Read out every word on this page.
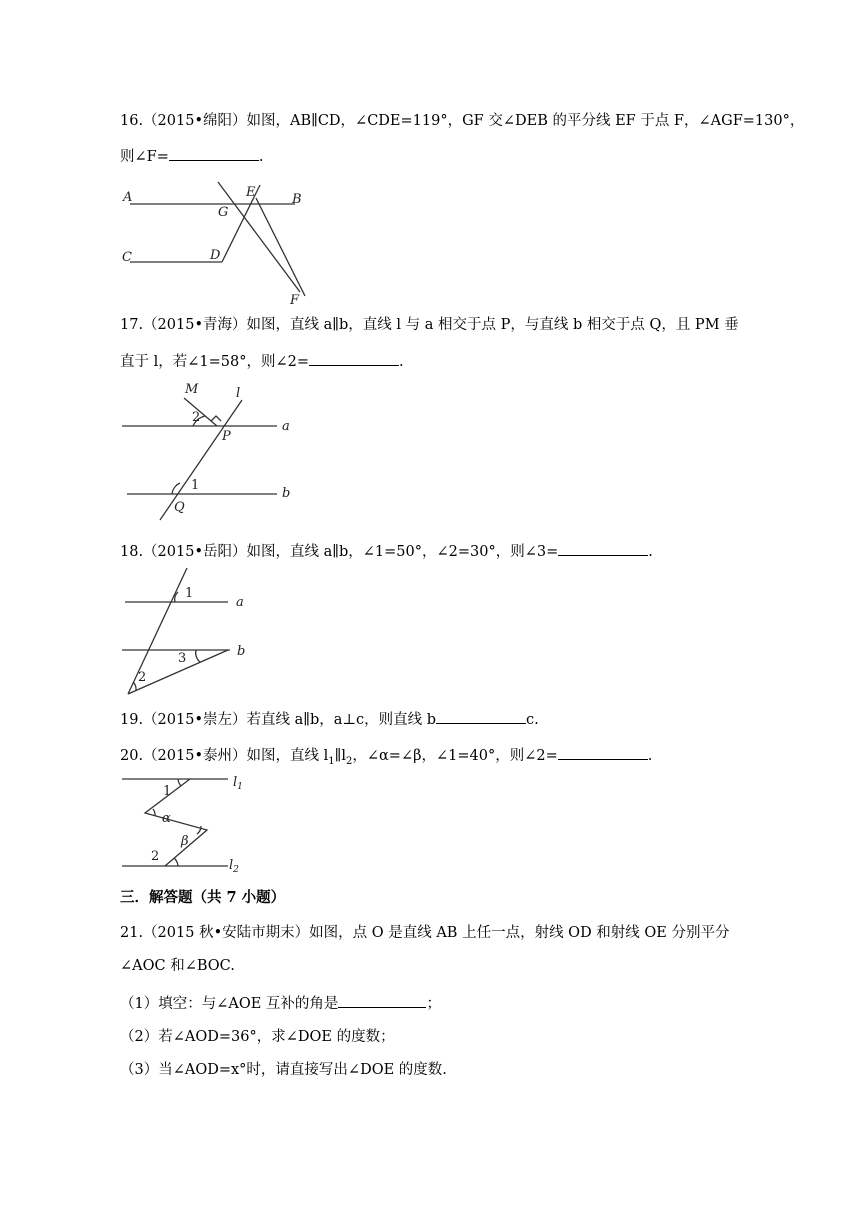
16.（2015•绵阳）如图，AB∥CD，∠CDE=119°，GF 交∠DEB 的平分线 EF 于点 F，∠AGF=130°，
则∠F=	.
A	B
C	D
E
G
F
17.（2015•青海）如图，直线 a∥b，直线 l 与 a 相交于点 P，与直线 b 相交于点 Q，且 PM 垂
直于 l，若∠1=58°，则∠2=	.
M	l
a
b
P
Q
1
2
18.（2015•岳阳）如图，直线 a∥b，∠1=50°，∠2=30°，则∠3=	.
a
b
1
2
3
19.（2015•崇左）若直线 a∥b，a⊥c，则直线 b	c.
20.（2015•泰州）如图，直线 $l_1\parallel l_2$，∠α=∠β，∠1=40°，则∠2=	.
$l_1$
$l_2$
1
α
β
2
三．解答题（共 7 小题）
21.（2015 秋•安陆市期末）如图，点 O 是直线 AB 上任一点，射线 OD 和射线 OE 分别平分
∠AOC 和∠BOC.
（1）填空：与∠AOE 互补的角是	；
（2）若∠AOD=36°，求∠DOE 的度数；
（3）当∠AOD=x°时，请直接写出∠DOE 的度数.
